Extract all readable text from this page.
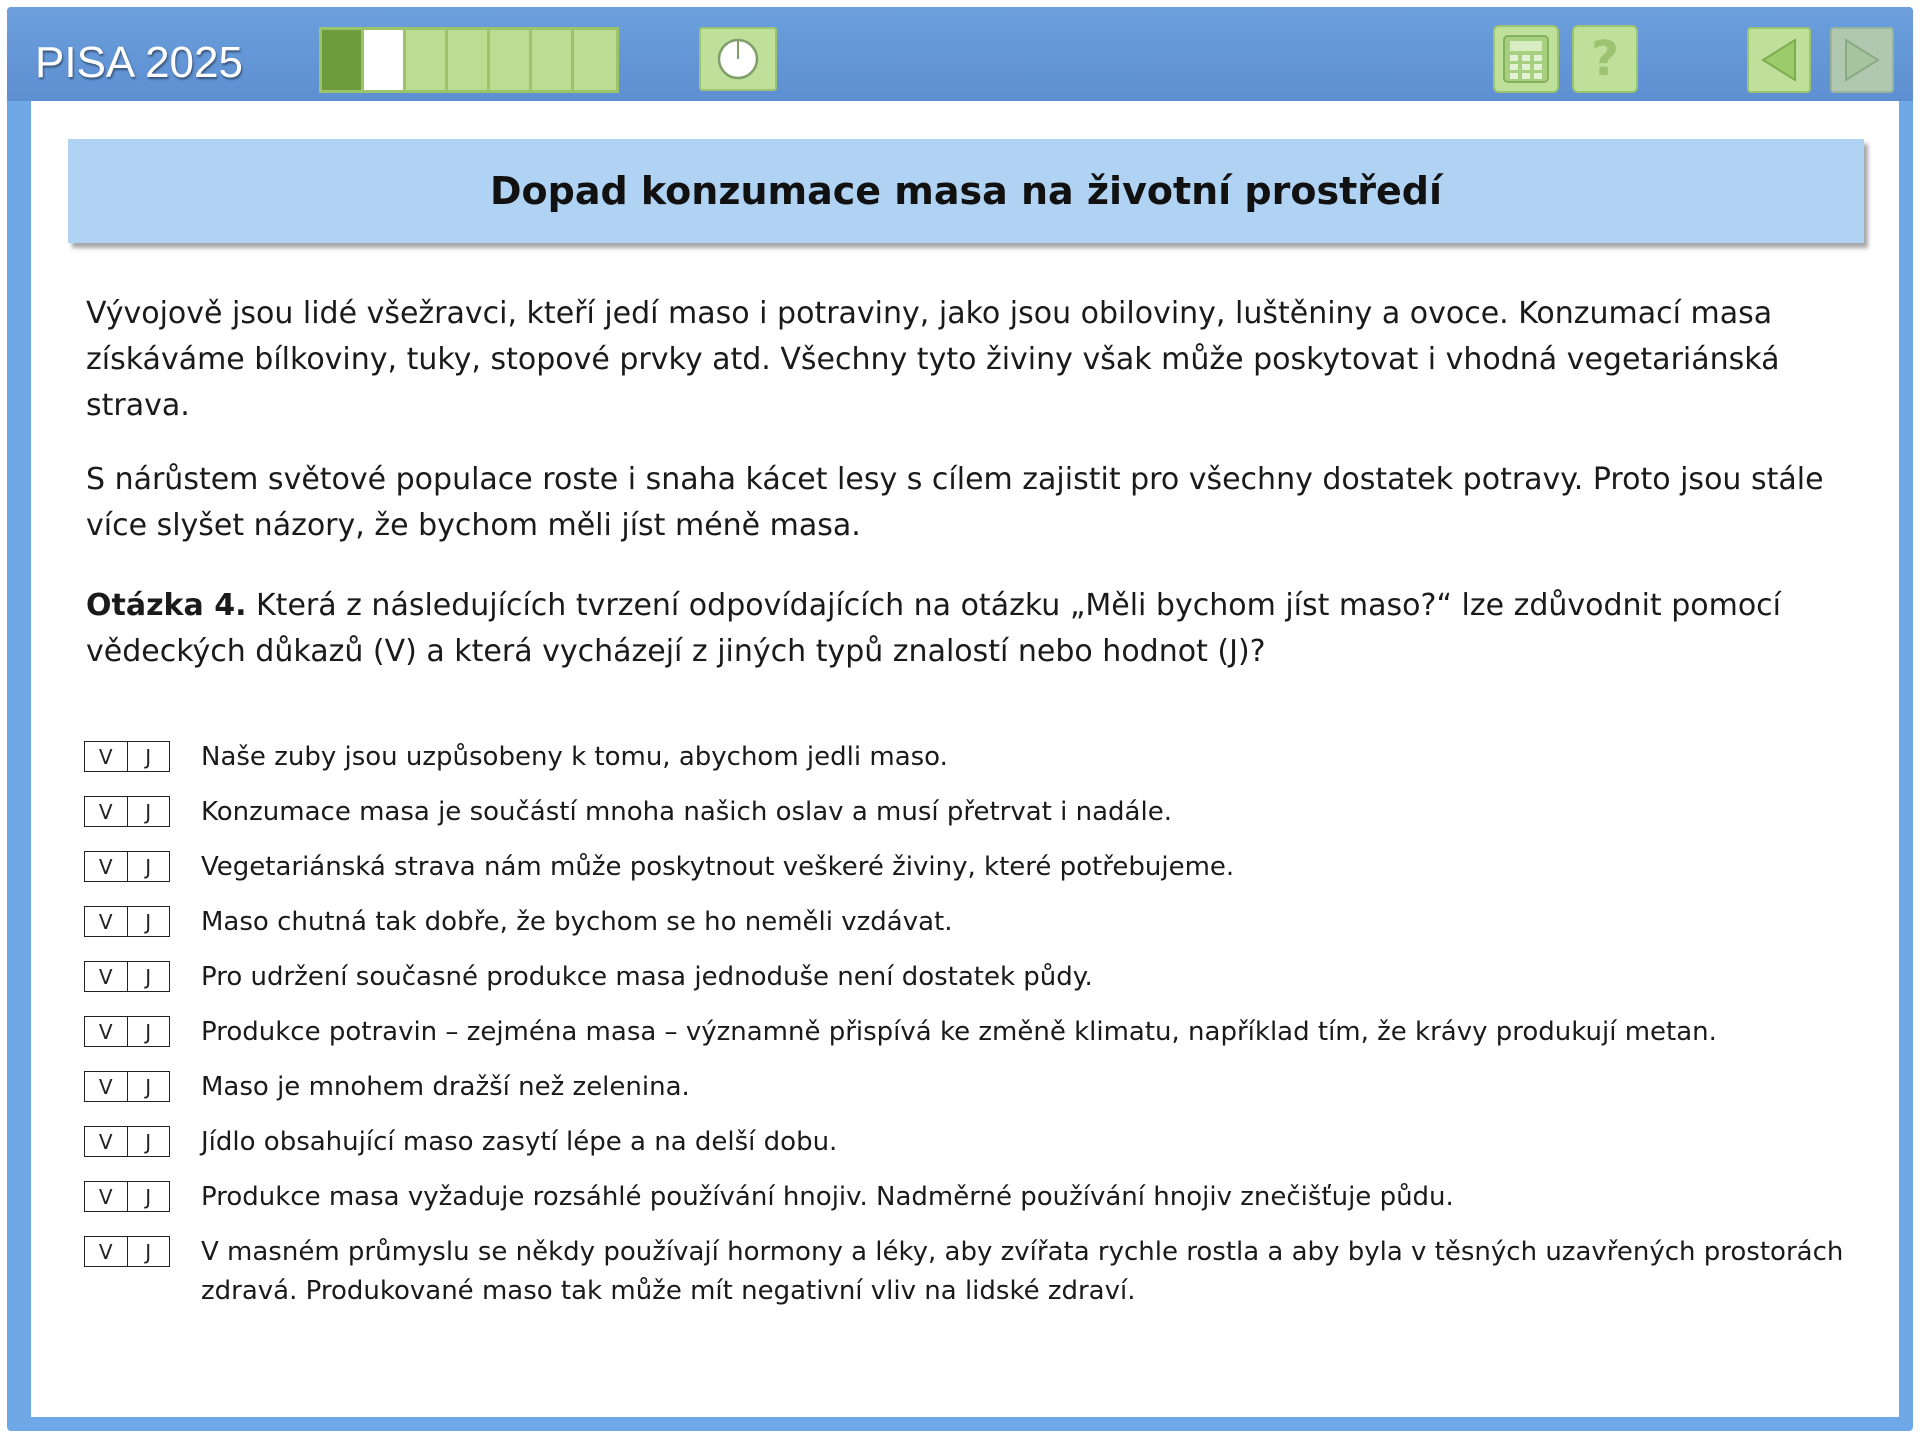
PISA 2025	?
Dopad konzumace masa na životní prostředí

Vývojově jsou lidé všežravci, kteří jedí maso i potraviny, jako jsou obiloviny, luštěniny a ovoce. Konzumací masa získáváme bílkoviny, tuky, stopové prvky atd. Všechny tyto živiny však může poskytovat i vhodná vegetariánská strava.

S nárůstem světové populace roste i snaha kácet lesy s cílem zajistit pro všechny dostatek potravy. Proto jsou stále více slyšet názory, že bychom měli jíst méně masa.

Otázka 4. Která z následujících tvrzení odpovídajících na otázku „Měli bychom jíst maso?“ lze zdůvodnit pomocí vědeckých důkazů (V) a která vycházejí z jiných typů znalostí nebo hodnot (J)?

V	J	Naše zuby jsou uzpůsobeny k tomu, abychom jedli maso.
V	J	Konzumace masa je součástí mnoha našich oslav a musí přetrvat i nadále.
V	J	Vegetariánská strava nám může poskytnout veškeré živiny, které potřebujeme.
V	J	Maso chutná tak dobře, že bychom se ho neměli vzdávat.
V	J	Pro udržení současné produkce masa jednoduše není dostatek půdy.
V	J	Produkce potravin – zejména masa – významně přispívá ke změně klimatu, například tím, že krávy produkují metan.
V	J	Maso je mnohem dražší než zelenina.
V	J	Jídlo obsahující maso zasytí lépe a na delší dobu.
V	J	Produkce masa vyžaduje rozsáhlé používání hnojiv. Nadměrné používání hnojiv znečišťuje půdu.
V	J	V masném průmyslu se někdy používají hormony a léky, aby zvířata rychle rostla a aby byla v těsných uzavřených prostorách zdravá. Produkované maso tak může mít negativní vliv na lidské zdraví.
